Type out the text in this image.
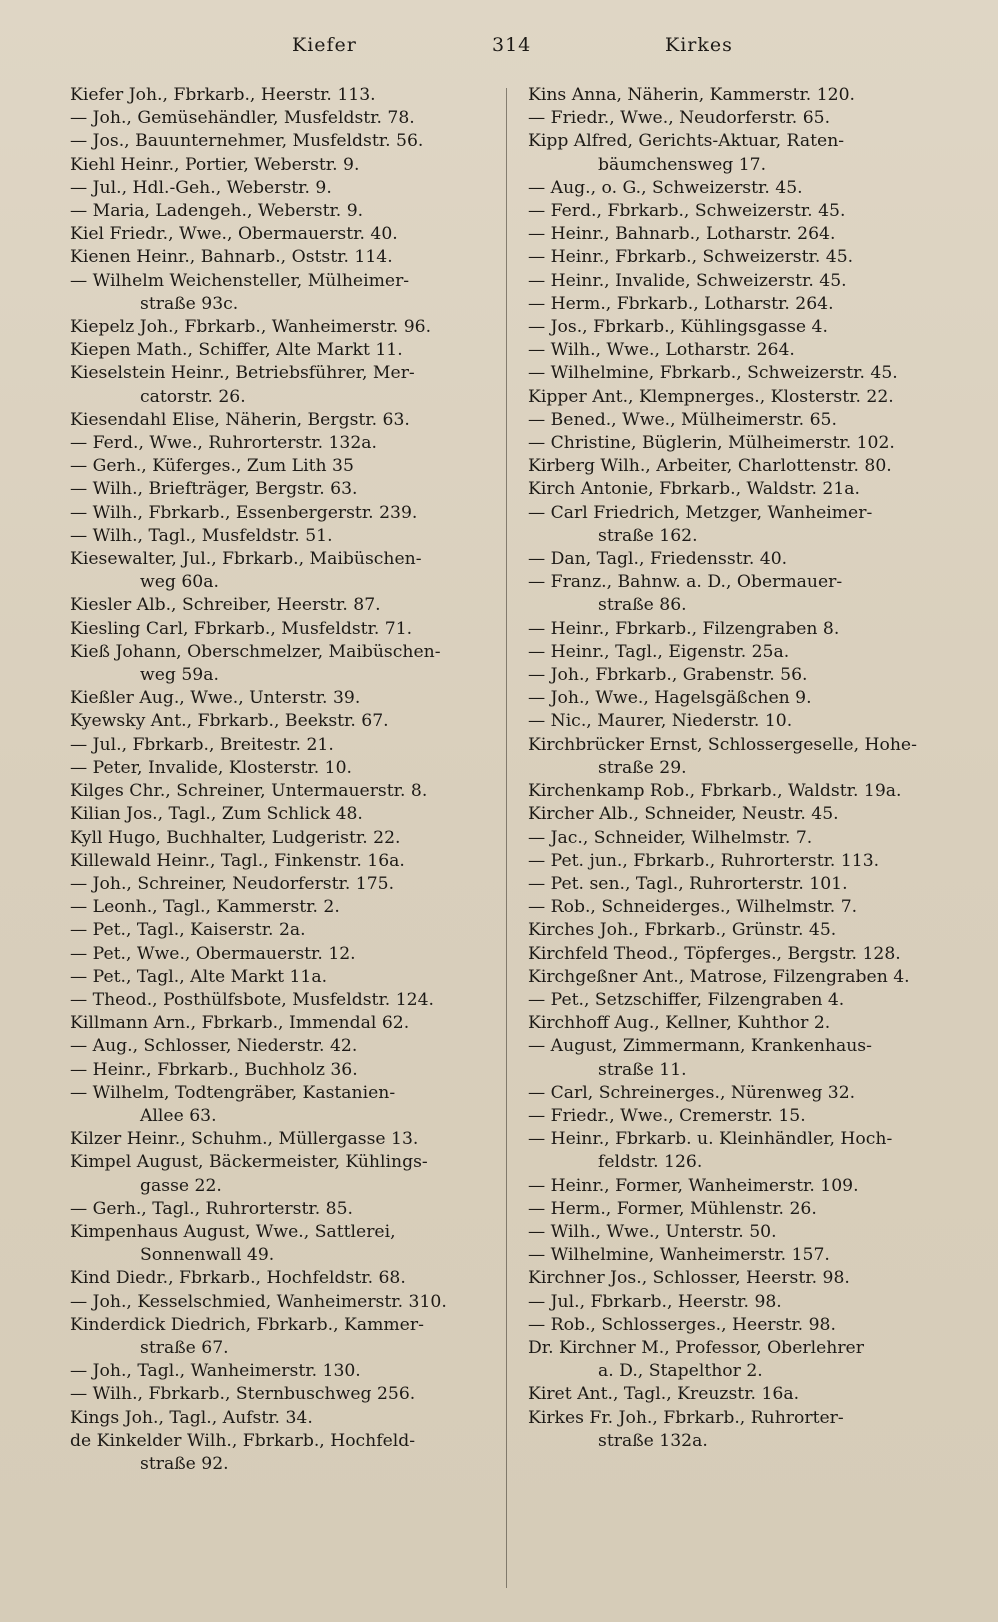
Kiefer	314	Kirkes

Kiefer Joh., Fbrkarb., Heerstr. 113.

— Joh., Gemüsehändler, Musfeldstr. 78.

— Jos., Bauunternehmer, Musfeldstr. 56.

Kiehl Heinr., Portier, Weberstr. 9.

— Jul., Hdl.-Geh., Weberstr. 9.

— Maria, Ladengeh., Weberstr. 9.

Kiel Friedr., Wwe., Obermauerstr. 40.

Kienen Heinr., Bahnarb., Oststr. 114.

— Wilhelm Weichensteller, Mülheimer-
straße 93c.

Kiepelz Joh., Fbrkarb., Wanheimerstr. 96.

Kiepen Math., Schiffer, Alte Markt 11.

Kieselstein Heinr., Betriebsführer, Mer-
catorstr. 26.

Kiesendahl Elise, Näherin, Bergstr. 63.

— Ferd., Wwe., Ruhrorterstr. 132a.

— Gerh., Küferges., Zum Lith 35

— Wilh., Briefträger, Bergstr. 63.

— Wilh., Fbrkarb., Essenbergerstr. 239.

— Wilh., Tagl., Musfeldstr. 51.

Kiesewalter, Jul., Fbrkarb., Maibüschen-
weg 60a.

Kiesler Alb., Schreiber, Heerstr. 87.

Kiesling Carl, Fbrkarb., Musfeldstr. 71.

Kieß Johann, Oberschmelzer, Maibüschen-
weg 59a.

Kießler Aug., Wwe., Unterstr. 39.

Kyewsky Ant., Fbrkarb., Beekstr. 67.

— Jul., Fbrkarb., Breitestr. 21.

— Peter, Invalide, Klosterstr. 10.

Kilges Chr., Schreiner, Untermauerstr. 8.

Kilian Jos., Tagl., Zum Schlick 48.

Kyll Hugo, Buchhalter, Ludgeristr. 22.

Killewald Heinr., Tagl., Finkenstr. 16a.

— Joh., Schreiner, Neudorferstr. 175.

— Leonh., Tagl., Kammerstr. 2.

— Pet., Tagl., Kaiserstr. 2a.

— Pet., Wwe., Obermauerstr. 12.

— Pet., Tagl., Alte Markt 11a.

— Theod., Posthülfsbote, Musfeldstr. 124.

Killmann Arn., Fbrkarb., Immendal 62.

— Aug., Schlosser, Niederstr. 42.

— Heinr., Fbrkarb., Buchholz 36.

— Wilhelm, Todtengräber, Kastanien-
Allee 63.

Kilzer Heinr., Schuhm., Müllergasse 13.

Kimpel August, Bäckermeister, Kühlings-
gasse 22.

— Gerh., Tagl., Ruhrorterstr. 85.

Kimpenhaus August, Wwe., Sattlerei,
Sonnenwall 49.

Kind Diedr., Fbrkarb., Hochfeldstr. 68.

— Joh., Kesselschmied, Wanheimerstr. 310.

Kinderdick Diedrich, Fbrkarb., Kammer-
straße 67.

— Joh., Tagl., Wanheimerstr. 130.

— Wilh., Fbrkarb., Sternbuschweg 256.

Kings Joh., Tagl., Aufstr. 34.

de Kinkelder Wilh., Fbrkarb., Hochfeld-
straße 92.

Kins Anna, Näherin, Kammerstr. 120.

— Friedr., Wwe., Neudorferstr. 65.

Kipp Alfred, Gerichts-Aktuar, Raten-
bäumchensweg 17.

— Aug., o. G., Schweizerstr. 45.

— Ferd., Fbrkarb., Schweizerstr. 45.

— Heinr., Bahnarb., Lotharstr. 264.

— Heinr., Fbrkarb., Schweizerstr. 45.

— Heinr., Invalide, Schweizerstr. 45.

— Herm., Fbrkarb., Lotharstr. 264.

— Jos., Fbrkarb., Kühlingsgasse 4.

— Wilh., Wwe., Lotharstr. 264.

— Wilhelmine, Fbrkarb., Schweizerstr. 45.

Kipper Ant., Klempnerges., Klosterstr. 22.

— Bened., Wwe., Mülheimerstr. 65.

— Christine, Büglerin, Mülheimerstr. 102.

Kirberg Wilh., Arbeiter, Charlottenstr. 80.

Kirch Antonie, Fbrkarb., Waldstr. 21a.

— Carl Friedrich, Metzger, Wanheimer-
straße 162.

— Dan, Tagl., Friedensstr. 40.

— Franz., Bahnw. a. D., Obermauer-
straße 86.

— Heinr., Fbrkarb., Filzengraben 8.

— Heinr., Tagl., Eigenstr. 25a.

— Joh., Fbrkarb., Grabenstr. 56.

— Joh., Wwe., Hagelsgäßchen 9.

— Nic., Maurer, Niederstr. 10.

Kirchbrücker Ernst, Schlossergeselle, Hohe-
straße 29.

Kirchenkamp Rob., Fbrkarb., Waldstr. 19a.

Kircher Alb., Schneider, Neustr. 45.

— Jac., Schneider, Wilhelmstr. 7.

— Pet. jun., Fbrkarb., Ruhrorterstr. 113.

— Pet. sen., Tagl., Ruhrorterstr. 101.

— Rob., Schneiderges., Wilhelmstr. 7.

Kirches Joh., Fbrkarb., Grünstr. 45.

Kirchfeld Theod., Töpferges., Bergstr. 128.

Kirchgeßner Ant., Matrose, Filzengraben 4.

— Pet., Setzschiffer, Filzengraben 4.

Kirchhoff Aug., Kellner, Kuhthor 2.

— August, Zimmermann, Krankenhaus-
straße 11.

— Carl, Schreinerges., Nürenweg 32.

— Friedr., Wwe., Cremerstr. 15.

— Heinr., Fbrkarb. u. Kleinhändler, Hoch-
feldstr. 126.

— Heinr., Former, Wanheimerstr. 109.

— Herm., Former, Mühlenstr. 26.

— Wilh., Wwe., Unterstr. 50.

— Wilhelmine, Wanheimerstr. 157.

Kirchner Jos., Schlosser, Heerstr. 98.

— Jul., Fbrkarb., Heerstr. 98.

— Rob., Schlosserges., Heerstr. 98.

Dr. Kirchner M., Professor, Oberlehrer
a. D., Stapelthor 2.

Kiret Ant., Tagl., Kreuzstr. 16a.

Kirkes Fr. Joh., Fbrkarb., Ruhrorter-
straße 132a.
